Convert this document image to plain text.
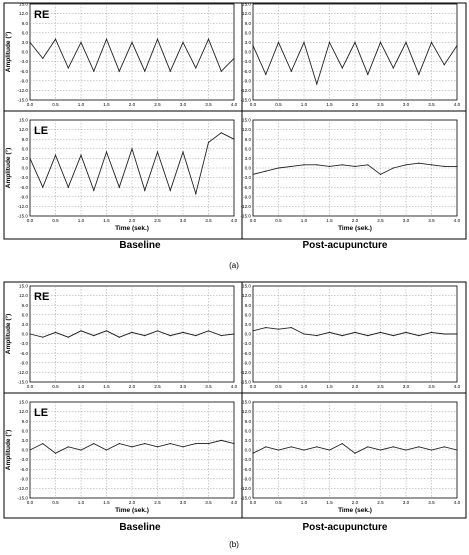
15.0
12.0
9.0
6.0
3.0
0.0
-3.0
-6.0
-9.0
-12.0
-15.0
0.0	0.5	1.0	1.5	2.0	2.5	3.0	3.5	4.0
RE
Amplitude (°)
15.0
12.0
9.0
6.0
3.0
0.0
-3.0
-6.0
-9.0
-12.0
-15.0
0.0	0.5	1.0	1.5	2.0	2.5	3.0	3.5	4.0
15.0
12.0
9.0
6.0
3.0
0.0
-3.0
-6.0
-9.0
-12.0
-15.0
0.0	0.5	1.0	1.5	2.0	2.5	3.0	3.5	4.0
LE
Amplitude (°)
Time (sek.)
15.0
12.0
9.0
6.0
3.0
0.0
-3.0
-6.0
-9.0
-12.0
-15.0
0.0	0.5	1.0	1.5	2.0	2.5	3.0	3.5	4.0
Time (sek.)
Baseline	Post-acupuncture
(a)
15.0
12.0
9.0
6.0
3.0
0.0
-3.0
-6.0
-9.0
-12.0
-15.0
0.0	0.5	1.0	1.5	2.0	2.5	3.0	3.5	4.0
RE
Amplitude (°)
15.0
12.0
9.0
6.0
3.0
0.0
-3.0
-6.0
-9.0
-12.0
-15.0
0.0	0.5	1.0	1.5	2.0	2.5	3.0	3.5	4.0
15.0
12.0
9.0
6.0
3.0
0.0
-3.0
-6.0
-9.0
-12.0
-15.0
0.0	0.5	1.0	1.5	2.0	2.5	3.0	3.5	4.0
LE
Amplitude (°)
Time (sek.)
15.0
12.0
9.0
6.0
3.0
0.0
-3.0
-6.0
-9.0
-12.0
-15.0
0.0	0.5	1.0	1.5	2.0	2.5	3.0	3.5	4.0
Time (sek.)
Baseline	Post-acupuncture
(b)
